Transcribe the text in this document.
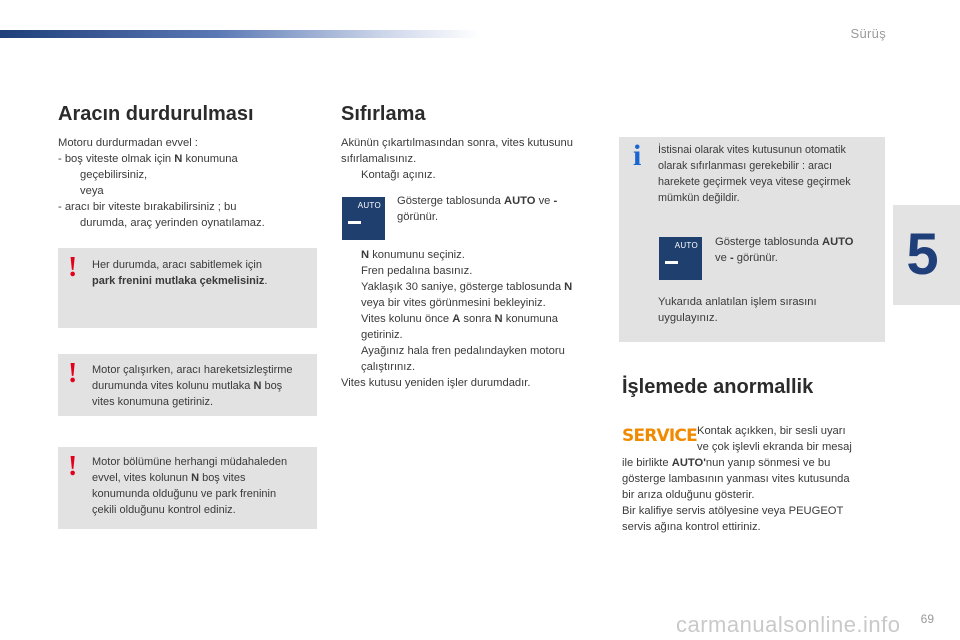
Sürüş
5
Aracın durdurulması

Motoru durdurmadan evvel :

- boş viteste olmak için N konumuna

geçebilirsiniz,

veya

- aracı bir viteste bırakabilirsiniz ; bu

durumda, araç yerinden oynatılamaz.

! Her durumda, aracı sabitlemek için
park frenini mutlaka çekmelisiniz.
! Motor çalışırken, aracı hareketsizleştirme
durumunda vites kolunu mutlaka N boş
vites konumuna getiriniz.
! Motor bölümüne herhangi müdahaleden
evvel, vites kolunun N boş vites
konumunda olduğunu ve park freninin
çekili olduğunu kontrol ediniz.
Sıfırlama

Akünün çıkartılmasından sonra, vites kutusunu

sıfırlamalısınız.

Kontağı açınız.

AUTO Gösterge tablosunda AUTO ve -

görünür.

N konumunu seçiniz.

Fren pedalına basınız.

Yaklaşık 30 saniye, gösterge tablosunda N

veya bir vites görünmesini bekleyiniz.

Vites kolunu önce A sonra N konumuna

getiriniz.

Ayağınız hala fren pedalındayken motoru

çalıştırınız.

Vites kutusu yeniden işler durumdadır.

i İstisnai olarak vites kutusunun otomatik

olarak sıfırlanması gerekebilir : aracı

harekete geçirmek veya vitese geçirmek

mümkün değildir.

AUTO Gösterge tablosunda AUTO

ve - görünür.

Yukarıda anlatılan işlem sırasını

uygulayınız.

İşlemede anormallik
SERVICE Kontak açıkken, bir sesli uyarı

ve çok işlevli ekranda bir mesaj

ile birlikte AUTO'nun yanıp sönmesi ve bu

gösterge lambasının yanması vites kutusunda

bir arıza olduğunu gösterir.

Bir kalifiye servis atölyesine veya PEUGEOT

servis ağına kontrol ettiriniz.

carmanualsonline.info 69
